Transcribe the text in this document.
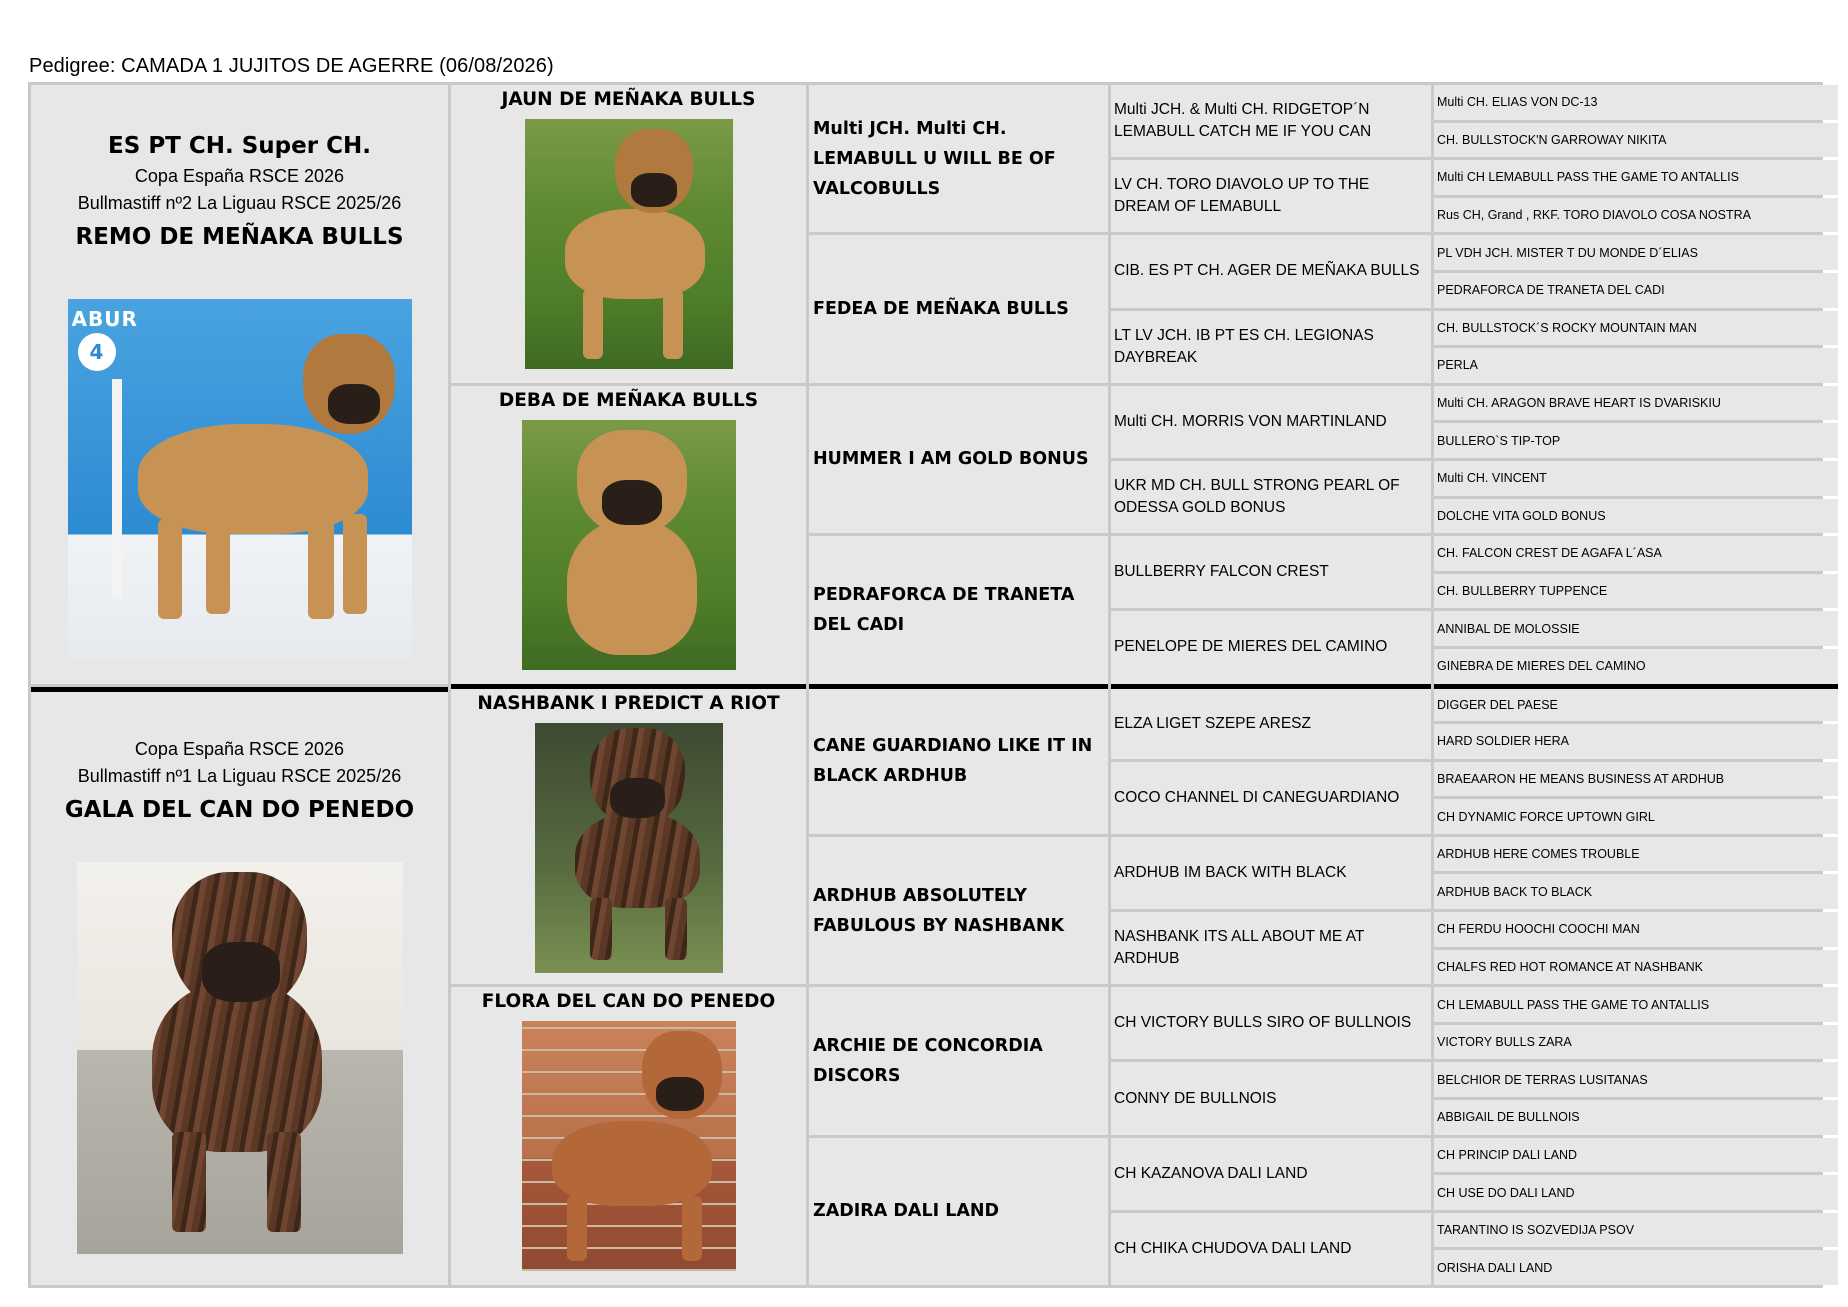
Pedigree: CAMADA 1 JUJITOS DE AGERRE (06/08/2026)
ES PT CH. Super CH.
Copa España RSCE 2026
Bullmastiff nº2 La Liguau RSCE 2025/26
REMO DE MEÑAKA BULLS
ABUR
4
Copa España RSCE 2026
Bullmastiff nº1 La Liguau RSCE 2025/26
GALA DEL CAN DO PENEDO
JAUN DE MEÑAKA BULLS
DEBA DE MEÑAKA BULLS
NASHBANK I PREDICT A RIOT
FLORA DEL CAN DO PENEDO
Multi JCH. Multi CH. LEMABULL U WILL BE OF VALCOBULLS
FEDEA DE MEÑAKA BULLS
HUMMER I AM GOLD BONUS
PEDRAFORCA DE TRANETA DEL CADI
CANE GUARDIANO LIKE IT IN BLACK ARDHUB
ARDHUB ABSOLUTELY FABULOUS BY NASHBANK
ARCHIE DE CONCORDIA DISCORS
ZADIRA DALI LAND
Multi JCH. & Multi CH. RIDGETOP´N LEMABULL CATCH ME IF YOU CAN
LV CH. TORO DIAVOLO UP TO THE DREAM OF LEMABULL
CIB. ES PT CH. AGER DE MEÑAKA BULLS
LT LV JCH. IB PT ES CH. LEGIONAS DAYBREAK
Multi CH. MORRIS VON MARTINLAND
UKR MD CH. BULL STRONG PEARL OF ODESSA GOLD BONUS
BULLBERRY FALCON CREST
PENELOPE DE MIERES DEL CAMINO
ELZA LIGET SZEPE ARESZ
COCO CHANNEL DI CANEGUARDIANO
ARDHUB IM BACK WITH BLACK
NASHBANK ITS ALL ABOUT ME AT ARDHUB
CH VICTORY BULLS SIRO OF BULLNOIS
CONNY DE BULLNOIS
CH KAZANOVA DALI LAND
CH CHIKA CHUDOVA DALI LAND
Multi CH. ELIAS VON DC-13
CH. BULLSTOCK'N GARROWAY NIKITA
Multi CH LEMABULL PASS THE GAME TO ANTALLIS
Rus CH, Grand , RKF. TORO DIAVOLO COSA NOSTRA
PL VDH JCH. MISTER T DU MONDE D´ELIAS
PEDRAFORCA DE TRANETA DEL CADI
CH. BULLSTOCK´S ROCKY MOUNTAIN MAN
PERLA
Multi CH. ARAGON BRAVE HEART IS DVARISKIU
BULLERO`S TIP-TOP
Multi CH. VINCENT
DOLCHE VITA GOLD BONUS
CH. FALCON CREST DE AGAFA L´ASA
CH. BULLBERRY TUPPENCE
ANNIBAL DE MOLOSSIE
GINEBRA DE MIERES DEL CAMINO
DIGGER DEL PAESE
HARD SOLDIER HERA
BRAEAARON HE MEANS BUSINESS AT ARDHUB
CH DYNAMIC FORCE UPTOWN GIRL
ARDHUB HERE COMES TROUBLE
ARDHUB BACK TO BLACK
CH FERDU HOOCHI COOCHI MAN
CHALFS RED HOT ROMANCE AT NASHBANK
CH LEMABULL PASS THE GAME TO ANTALLIS
VICTORY BULLS ZARA
BELCHIOR DE TERRAS LUSITANAS
ABBIGAIL DE BULLNOIS
CH PRINCIP DALI LAND
CH USE DO DALI LAND
TARANTINO IS SOZVEDIJA PSOV
ORISHA DALI LAND
